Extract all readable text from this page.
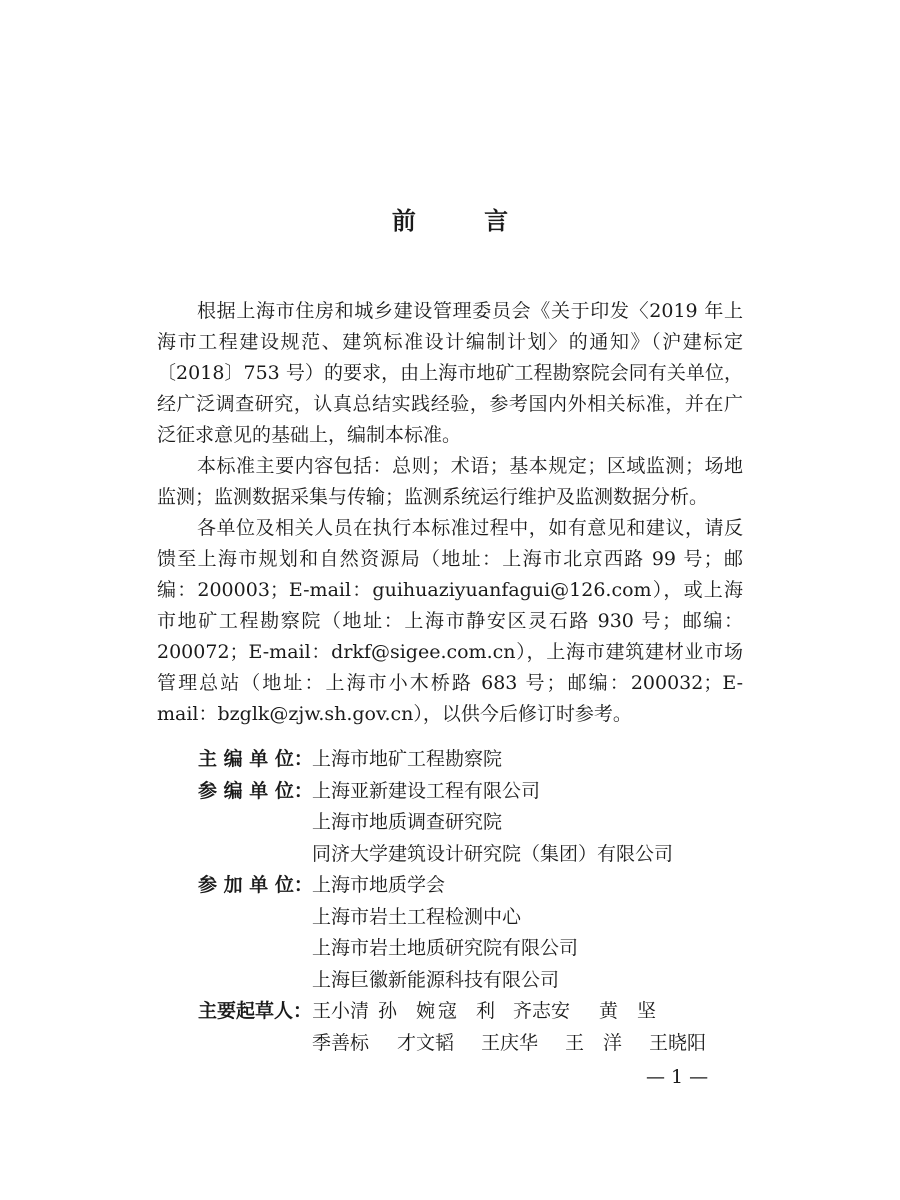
前 言

根据上海市住房和城乡建设管理委员会《关于印发〈2019 年上海市工程建设规范、建筑标准设计编制计划〉的通知》（沪建标定〔2018〕753 号）的要求，由上海市地矿工程勘察院会同有关单位，经广泛调查研究，认真总结实践经验，参考国内外相关标准，并在广泛征求意见的基础上，编制本标准。

本标准主要内容包括：总则；术语；基本规定；区域监测；场地监测；监测数据采集与传输；监测系统运行维护及监测数据分析。

各单位及相关人员在执行本标准过程中，如有意见和建议，请反馈至上海市规划和自然资源局（地址：上海市北京西路 99 号；邮编：200003；E-mail：guihuaziyuanfagui@126.com），或上海市地矿工程勘察院（地址：上海市静安区灵石路 930 号；邮编：200072；E-mail：drkf@sigee.com.cn），上海市建筑建材业市场管理总站（地址：上海市小木桥路 683 号；邮编：200032；E-mail：bzglk@zjw.sh.gov.cn），以供今后修订时参考。

主 编 单 位： 上海市地矿工程勘察院
参 编 单 位： 上海亚新建设工程有限公司
上海市地质调查研究院
同济大学建筑设计研究院（集团）有限公司
参 加 单 位： 上海市地质学会
上海市岩土工程检测中心
上海市岩土地质研究院有限公司
上海巨徽新能源科技有限公司
主要起草人： 王小清 孙　婉 寇　利 齐志安	黄　坚
季善标	才文韬	王庆华	王　洋	王晓阳
— 1 —
